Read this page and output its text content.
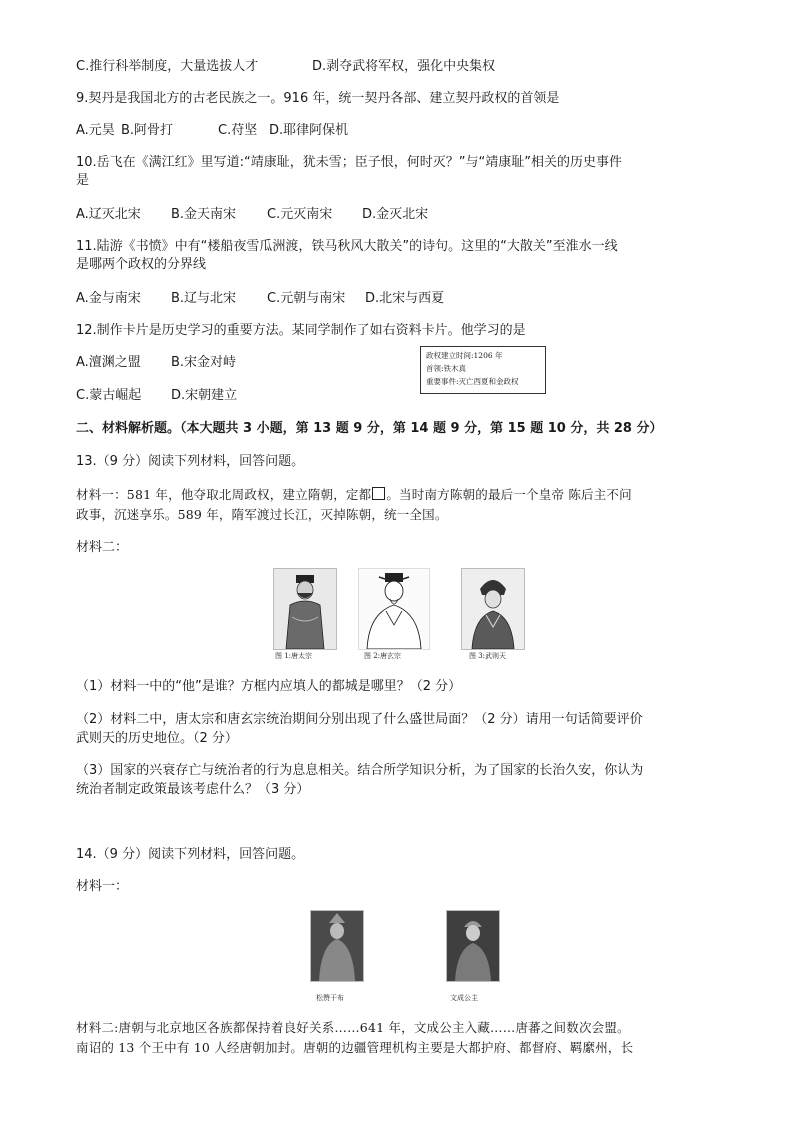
C.推行科举制度，大量选拔人才	D.剥夺武将军权，强化中央集权
9.契丹是我国北方的古老民族之一。916 年，统一契丹各部、建立契丹政权的首领是
A.元昊 B.阿骨打	C.苻坚 D.耶律阿保机
10.岳飞在《满江红》里写道:“靖康耻，犹未雪；臣子恨，何时灭？”与“靖康耻”相关的历史事件
是
A.辽灭北宋 B.金天南宋 C.元灭南宋 D.金灭北宋
11.陆游《书愤》中有“楼船夜雪瓜洲渡，铁马秋风大散关”的诗句。这里的“大散关”至淮水一线
是哪两个政权的分界线
A.金与南宋 B.辽与北宋 C.元朝与南宋 D.北宋与西夏
12.制作卡片是历史学习的重要方法。某同学制作了如右资料卡片。他学习的是
A.澶渊之盟 B.宋金对峙
C.蒙古崛起 D.宋朝建立
政权建立时间:1206 年
首领:铁木真
重要事件:灭亡西夏和金政权
二、材料解析题。（本大题共 3 小题，第 13 题 9 分，第 14 题 9 分，第 15 题 10 分，共 28 分）
13.（9 分）阅读下列材料，回答问题。
材料一：581 年，他夺取北周政权，建立隋朝，定都 。当时南方陈朝的最后一个皇帝 陈后主不问
政事，沉迷享乐。589 年，隋军渡过长江，灭掉陈朝，统一全国。
材料二：
图 1:唐太宗	图 2:唐玄宗	图 3:武则天
（1）材料一中的“他”是谁？方框内应填人的都城是哪里？（2 分）
（2）材料二中，唐太宗和唐玄宗统治期间分别出现了什么盛世局面？（2 分）请用一句话简要评价
武则天的历史地位。（2 分）
（3）国家的兴衰存亡与统治者的行为息息相关。结合所学知识分析，为了国家的长治久安，你认为
统治者制定政策最该考虑什么？（3 分）
14.（9 分）阅读下列材料，回答问题。
材料一：
松赞干布	文成公主
材料二:唐朝与北京地区各族都保持着良好关系……641 年，文成公主入藏……唐蕃之间数次会盟。
南诏的 13 个王中有 10 人经唐朝加封。唐朝的边疆管理机构主要是大都护府、都督府、羁縻州，长
